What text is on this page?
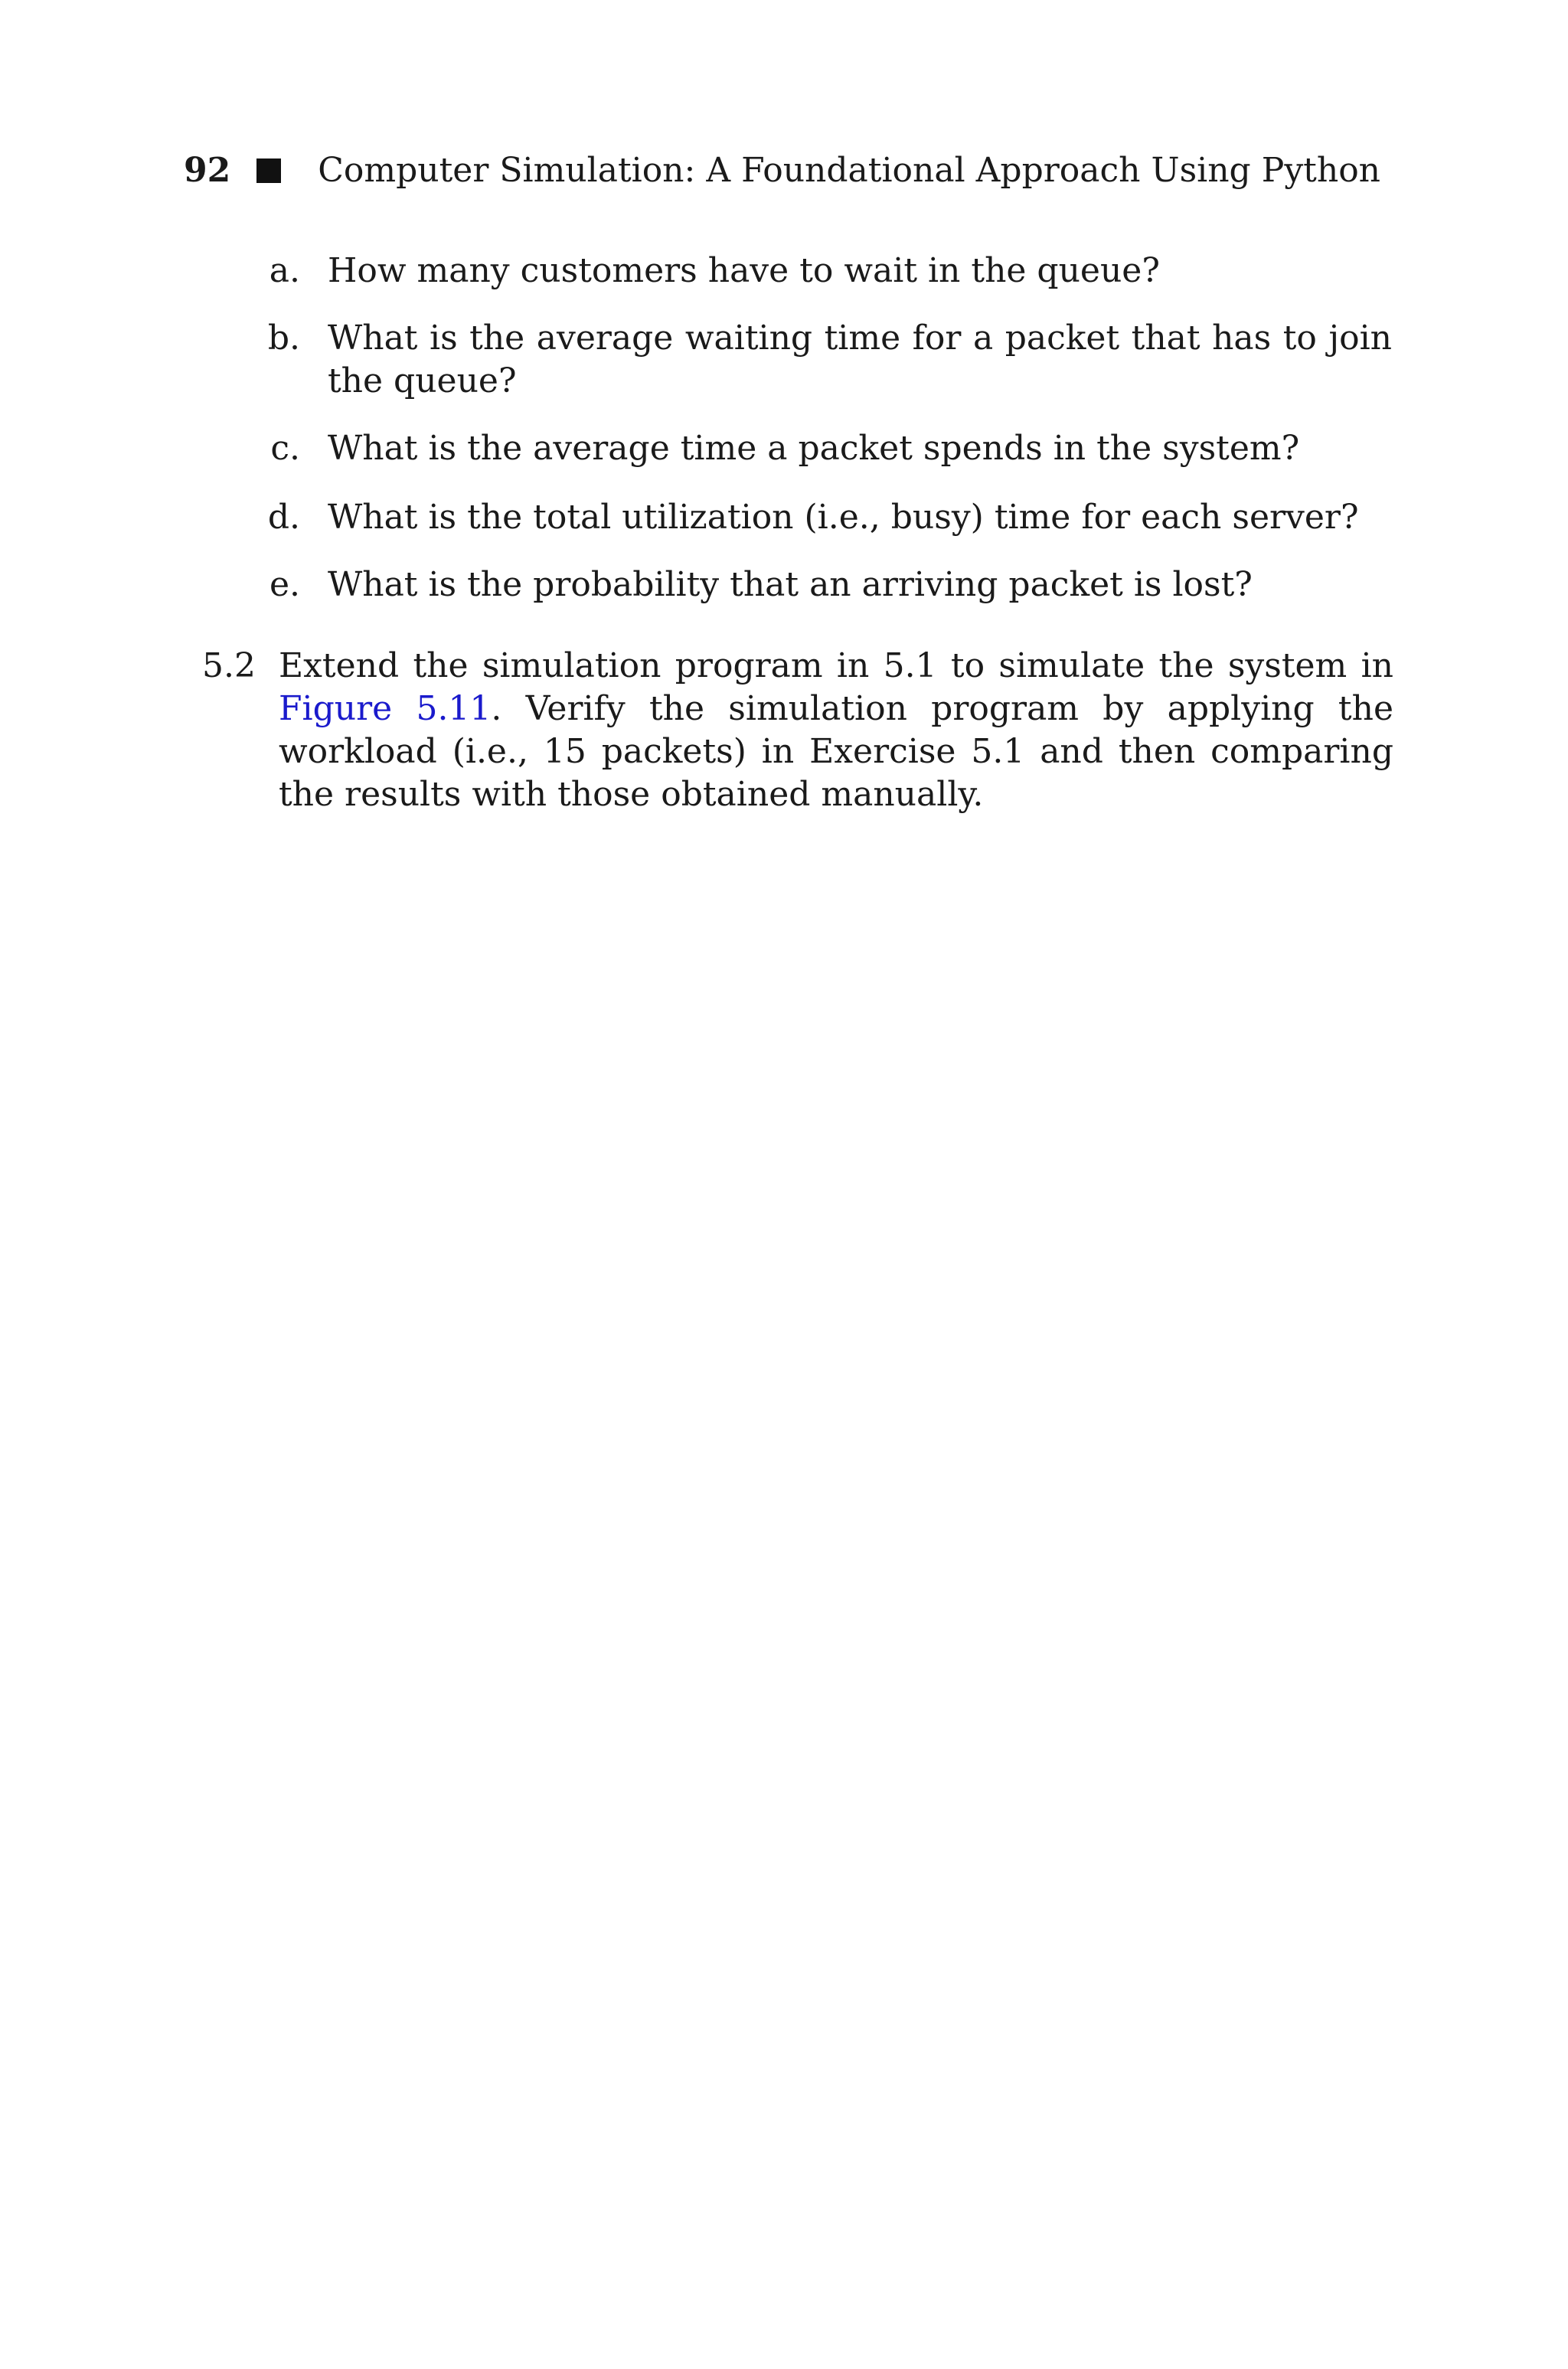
92	Computer Simulation: A Foundational Approach Using Python
a. How many customers have to wait in the queue?
b. What is the average waiting time for a packet that has to join the queue?
c. What is the average time a packet spends in the system?
d. What is the total utilization (i.e., busy) time for each server?
e. What is the probability that an arriving packet is lost?
5.2 Extend the simulation program in 5.1 to simulate the system in Figure 5.11. Verify the simulation program by applying the workload (i.e., 15 packets) in Exercise 5.1 and then comparing the results with those obtained manually.
